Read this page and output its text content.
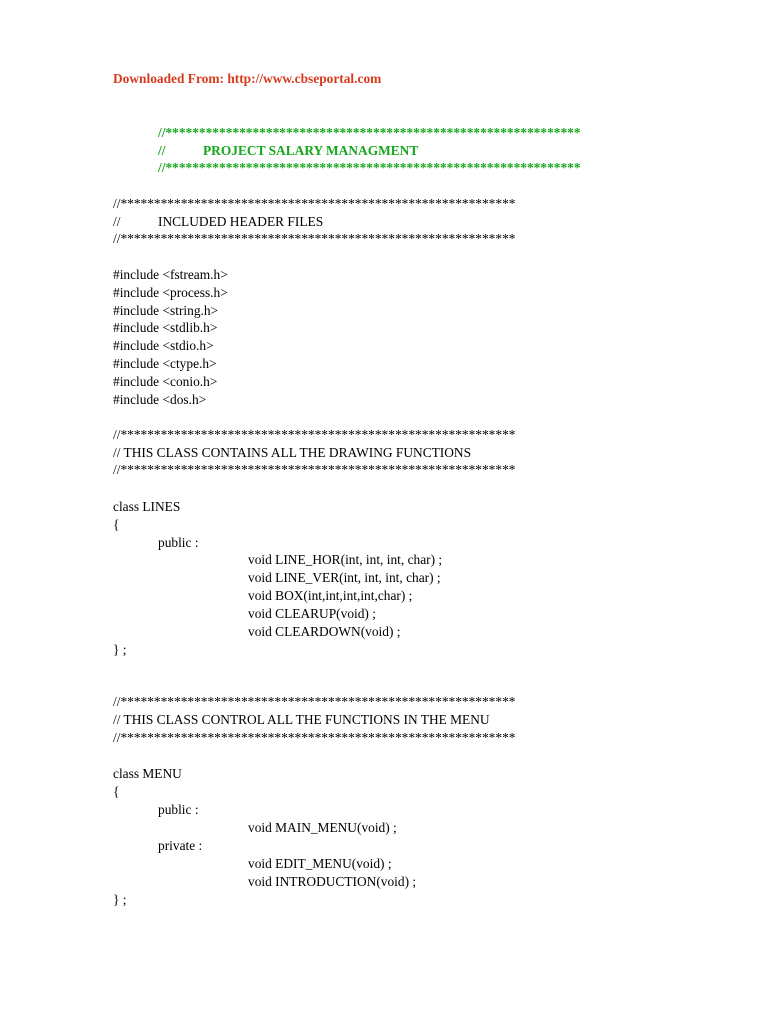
Downloaded From: http://www.cbseportal.com
//**************************************************************
//	PROJECT SALARY MANAGMENT
//**************************************************************
//***********************************************************
//	INCLUDED HEADER FILES
//***********************************************************
#include <fstream.h>
#include <process.h>
#include <string.h>
#include <stdlib.h>
#include <stdio.h>
#include <ctype.h>
#include <conio.h>
#include <dos.h>
//***********************************************************
// THIS CLASS CONTAINS ALL THE DRAWING FUNCTIONS
//***********************************************************
class LINES
{
public :
void LINE_HOR(int, int, int, char) ;
void LINE_VER(int, int, int, char) ;
void BOX(int,int,int,int,char) ;
void CLEARUP(void) ;
void CLEARDOWN(void) ;
} ;
//***********************************************************
// THIS CLASS CONTROL ALL THE FUNCTIONS IN THE MENU
//***********************************************************
class MENU
{
public :
void MAIN_MENU(void) ;
private :
void EDIT_MENU(void) ;
void INTRODUCTION(void) ;
} ;
